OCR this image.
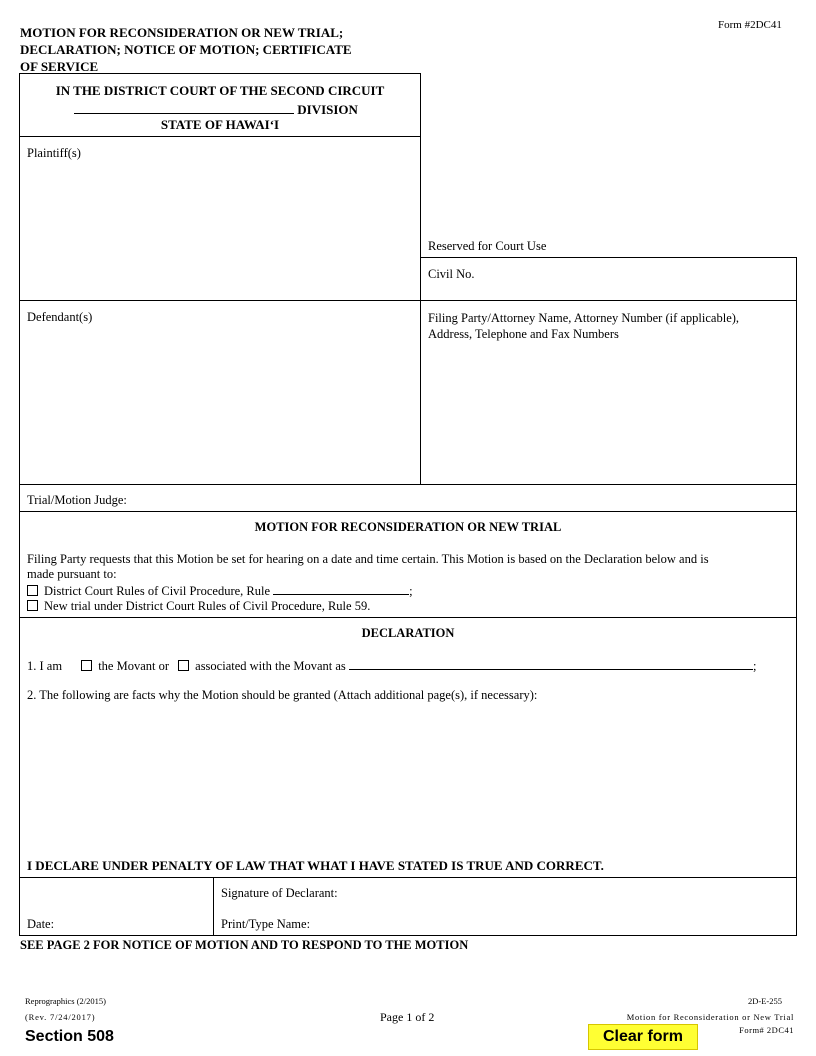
MOTION FOR RECONSIDERATION OR NEW TRIAL;
DECLARATION; NOTICE OF MOTION; CERTIFICATE
OF SERVICE
Form #2DC41
IN THE DISTRICT COURT OF THE SECOND CIRCUIT
DIVISION
STATE OF HAWAI‘I
Plaintiff(s)
Reserved for Court Use
Civil No.
Defendant(s)	Filing Party/Attorney Name, Attorney Number (if applicable),
Address, Telephone and Fax Numbers
Trial/Motion Judge:
MOTION FOR RECONSIDERATION OR NEW TRIAL
Filing Party requests that this Motion be set for hearing on a date and time certain. This Motion is based on the Declaration below and is
made pursuant to:
District Court Rules of Civil Procedure, Rule	;
New trial under District Court Rules of Civil Procedure, Rule 59.
DECLARATION
1. I am	the Movant or associated with the Movant as	;
2. The following are facts why the Motion should be granted (Attach additional page(s), if necessary):
I DECLARE UNDER PENALTY OF LAW THAT WHAT I HAVE STATED IS TRUE AND CORRECT.
Signature of Declarant:
Print/Type Name:
Date:
SEE PAGE 2 FOR NOTICE OF MOTION AND TO RESPOND TO THE MOTION
Reprographics (2/2015)
(Rev. 7/24/2017)
Section 508
Page 1 of 2
2D-E-255
Motion for Reconsideration or New Trial
Form# 2DC41
Clear form
